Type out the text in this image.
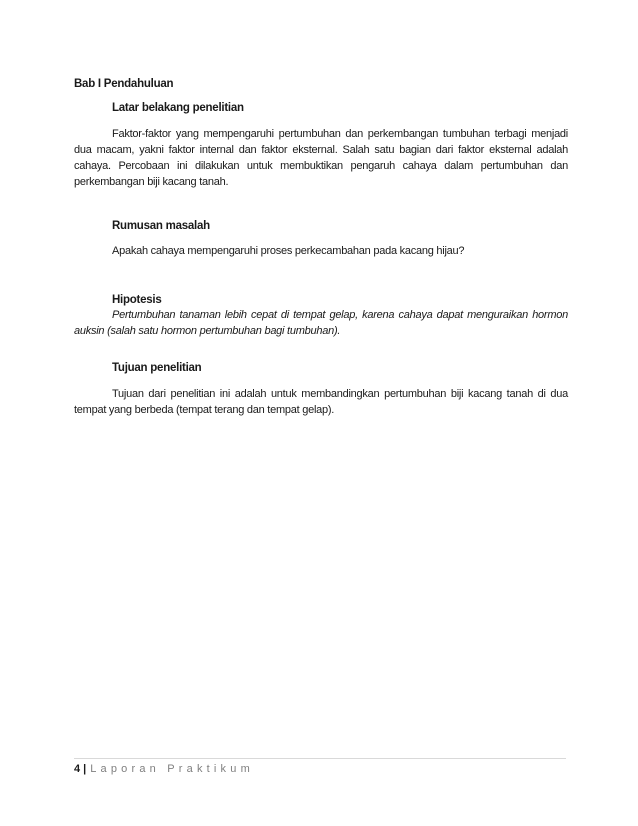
Bab I Pendahuluan
Latar belakang penelitian
Faktor-faktor yang mempengaruhi pertumbuhan dan perkembangan tumbuhan terbagi menjadi dua macam, yakni faktor internal dan faktor eksternal. Salah satu bagian dari faktor eksternal adalah cahaya. Percobaan ini dilakukan untuk membuktikan pengaruh cahaya dalam pertumbuhan dan perkembangan biji kacang tanah.
Rumusan masalah
Apakah cahaya mempengaruhi proses perkecambahan pada kacang hijau?
Hipotesis
Pertumbuhan tanaman lebih cepat di tempat gelap, karena cahaya dapat menguraikan hormon auksin (salah satu hormon pertumbuhan bagi tumbuhan).
Tujuan penelitian
Tujuan dari penelitian ini adalah untuk membandingkan pertumbuhan biji kacang tanah di dua tempat yang berbeda (tempat terang dan tempat gelap).
4 | Laporan Praktikum
